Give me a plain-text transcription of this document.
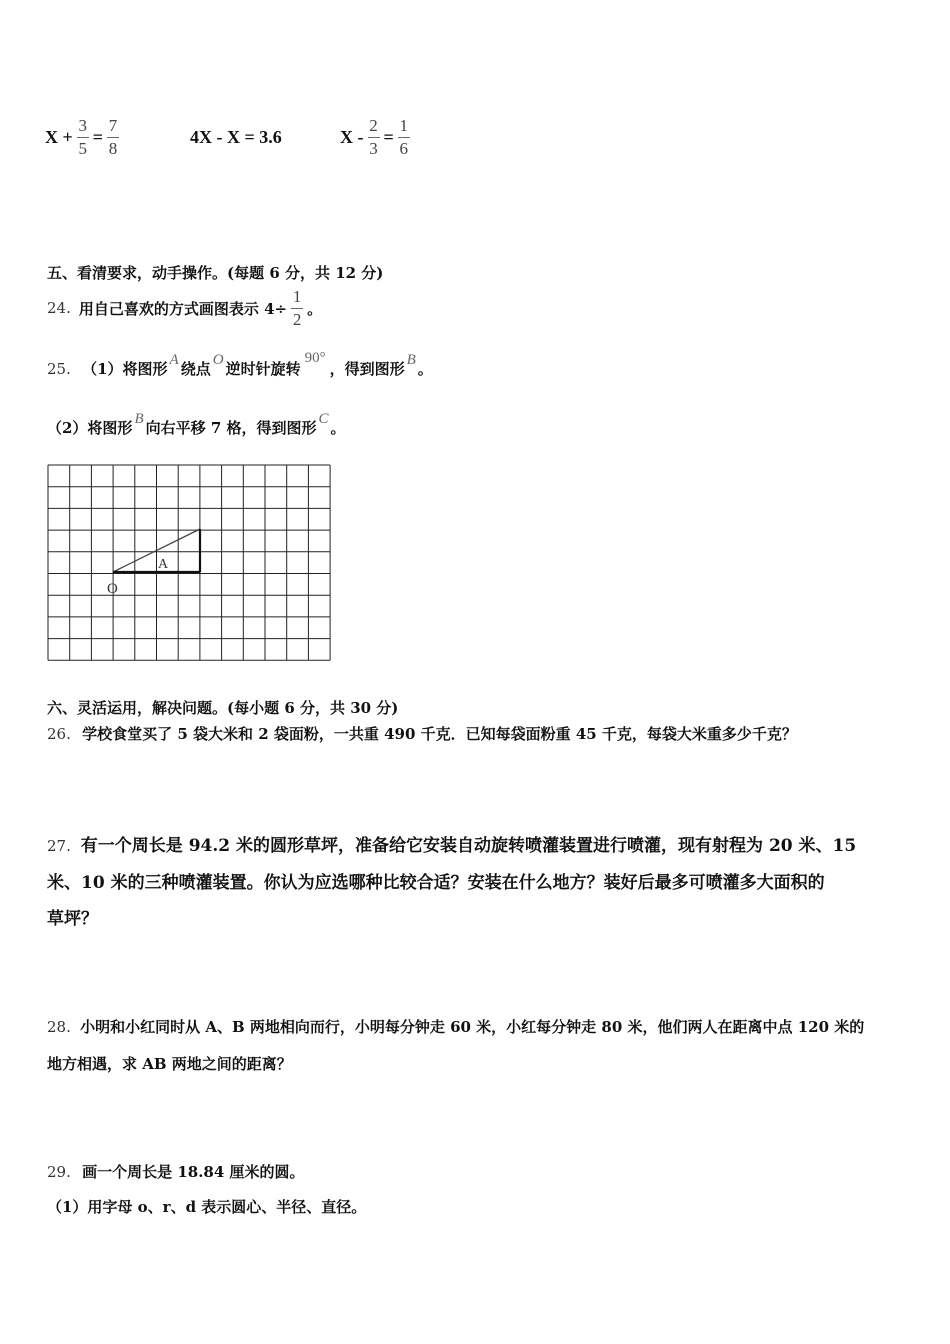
$X + \frac{3}{5} = \frac{7}{8}$	4X - X = 3.6	$X - \frac{2}{3} = \frac{1}{6}$
五、看清要求，动手操作。(每题 6 分，共 12 分)
24. 用自己喜欢的方式画图表示 $4\div \frac{1}{2}$ 。
25. （1）将图形 A 绕点 O 逆时针旋转90°，得到图形 B 。
（2）将图形 B 向右平移 7 格，得到图形 C 。
A
O
六、灵活运用，解决问题。(每小题 6 分，共 30 分)
26. 学校食堂买了 5 袋大米和 2 袋面粉，一共重 490 千克．已知每袋面粉重 45 千克，每袋大米重多少千克？
27. 有一个周长是 94.2 米的圆形草坪，准备给它安装自动旋转喷灌装置进行喷灌，现有射程为 20 米、15
米、10 米的三种喷灌装置。你认为应选哪种比较合适？安装在什么地方？装好后最多可喷灌多大面积的
草坪？
28. 小明和小红同时从 A、B 两地相向而行，小明每分钟走 60 米，小红每分钟走 80 米，他们两人在距离中点 120 米的
地方相遇，求 AB 两地之间的距离？
29. 画一个周长是 18.84 厘米的圆。
（1）用字母 o、r、d 表示圆心、半径、直径。
